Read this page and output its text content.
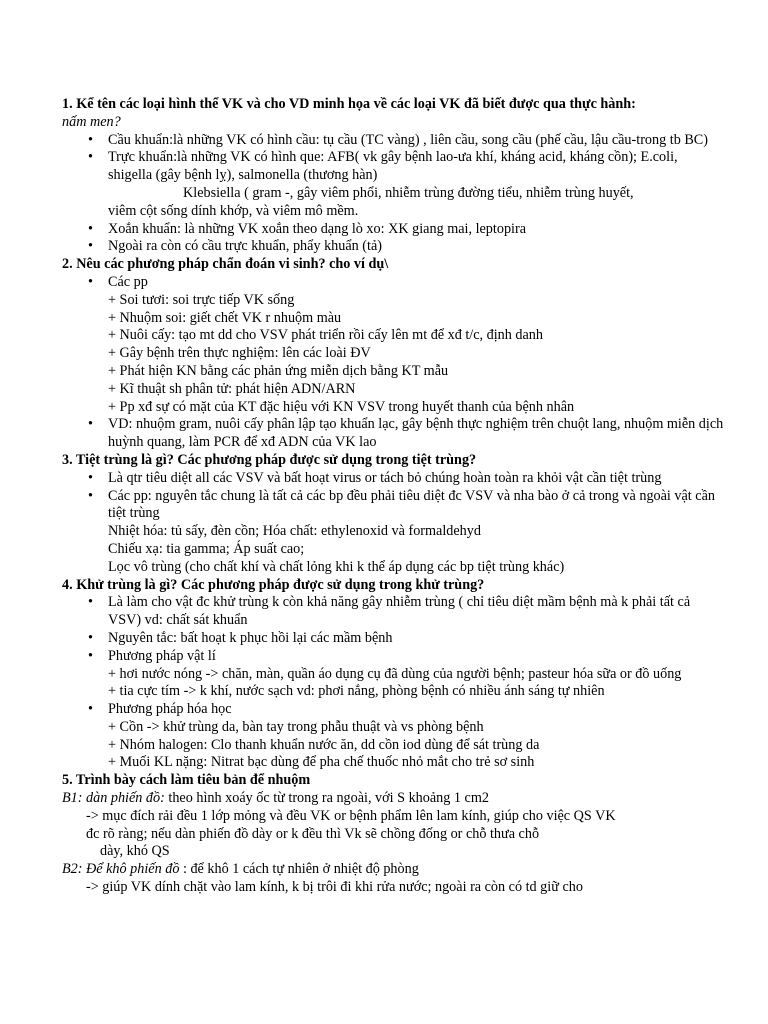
1. Kể tên các loại hình thể VK và cho VD minh họa về các loại VK đã biết được qua thực hành:
nấm men?
• Cầu khuẩn:là những VK có hình cầu: tụ cầu (TC vàng) , liên cầu, song cầu (phế cầu, lậu cầu-trong tb BC)
• Trực khuẩn:là những VK có hình que: AFB( vk gây bệnh lao-ưa khí, kháng acid, kháng cồn); E.coli, shigella (gây bệnh lỵ), salmonella (thương hàn)
Klebsiella ( gram -, gây viêm phổi, nhiễm trùng đường tiểu, nhiễm trùng huyết,
viêm cột sống dính khớp, và viêm mô mềm.
• Xoắn khuẩn: là những VK xoắn theo dạng lò xo: XK giang mai, leptopira
• Ngoài ra còn có cầu trực khuẩn, phẩy khuẩn (tả)
2. Nêu các phương pháp chẩn đoán vi sinh? cho ví dụ\
• Các pp
+ Soi tươi: soi trực tiếp VK sống
+ Nhuộm soi: giết chết VK r nhuộm màu
+ Nuôi cấy: tạo mt dd cho VSV phát triển rồi cấy lên mt để xđ t/c, định danh
+ Gây bệnh trên thực nghiệm: lên các loài ĐV
+ Phát hiện KN bằng các phản ứng miễn dịch bằng KT mẫu
+ Kĩ thuật sh phân tử: phát hiện ADN/ARN
+ Pp xđ sự có mặt của KT đặc hiệu với KN VSV trong huyết thanh của bệnh nhân
• VD: nhuộm gram, nuôi cấy phân lập tạo khuẩn lạc, gây bệnh thực nghiệm trên chuột lang, nhuộm miễn dịch huỳnh quang, làm PCR để xđ ADN của VK lao
3. Tiệt trùng là gì? Các phương pháp được sử dụng trong tiệt trùng?
• Là qtr tiêu diệt all các VSV và bất hoạt virus or tách bỏ chúng hoàn toàn ra khỏi vật cần tiệt trùng
• Các pp: nguyên tắc chung là tất cả các bp đều phải tiêu diệt đc VSV và nha bào ở cả trong và ngoài vật cần tiệt trùng
Nhiệt hóa: tủ sấy, đèn cồn; Hóa chất: ethylenoxid và formaldehyd
Chiếu xạ: tia gamma; Áp suất cao;
Lọc vô trùng (cho chất khí và chất lỏng khi k thể áp dụng các bp tiệt trùng khác)
4. Khử trùng là gì? Các phương pháp được sử dụng trong khử trùng?
• Là làm cho vật đc khử trùng k còn khả năng gây nhiễm trùng ( chỉ tiêu diệt mầm bệnh mà k phải tất cả VSV) vd: chất sát khuẩn
• Nguyên tắc: bất hoạt k phục hồi lại các mầm bệnh
• Phương pháp vật lí
+ hơi nước nóng -> chăn, màn, quần áo dụng cụ đã dùng của người bệnh; pasteur hóa sữa or đồ uống
+ tia cực tím -> k khí, nước sạch vd: phơi nắng, phòng bệnh có nhiều ánh sáng tự nhiên
• Phương pháp hóa học
+ Cồn -> khử trùng da, bàn tay trong phẫu thuật và vs phòng bệnh
+ Nhóm halogen: Clo thanh khuẩn nước ăn, dd cồn iod dùng để sát trùng da
+ Muối KL nặng: Nitrat bạc dùng để pha chế thuốc nhỏ mắt cho trẻ sơ sinh
5. Trình bày cách làm tiêu bản để nhuộm
B1: dàn phiến đồ: theo hình xoáy ốc từ trong ra ngoài, với S khoảng 1 cm2
-> mục đích rải đều 1 lớp mỏng và đều VK or bệnh phẩm lên lam kính, giúp cho việc QS VK đc rõ ràng; nếu dàn phiến đồ dày or k đều thì Vk sẽ chồng đống or chỗ thưa chỗ
dày, khó QS
B2: Để khô phiến đồ : để khô 1 cách tự nhiên ở nhiệt độ phòng
-> giúp VK dính chặt vào lam kính, k bị trôi đi khi rửa nước; ngoài ra còn có td giữ cho
